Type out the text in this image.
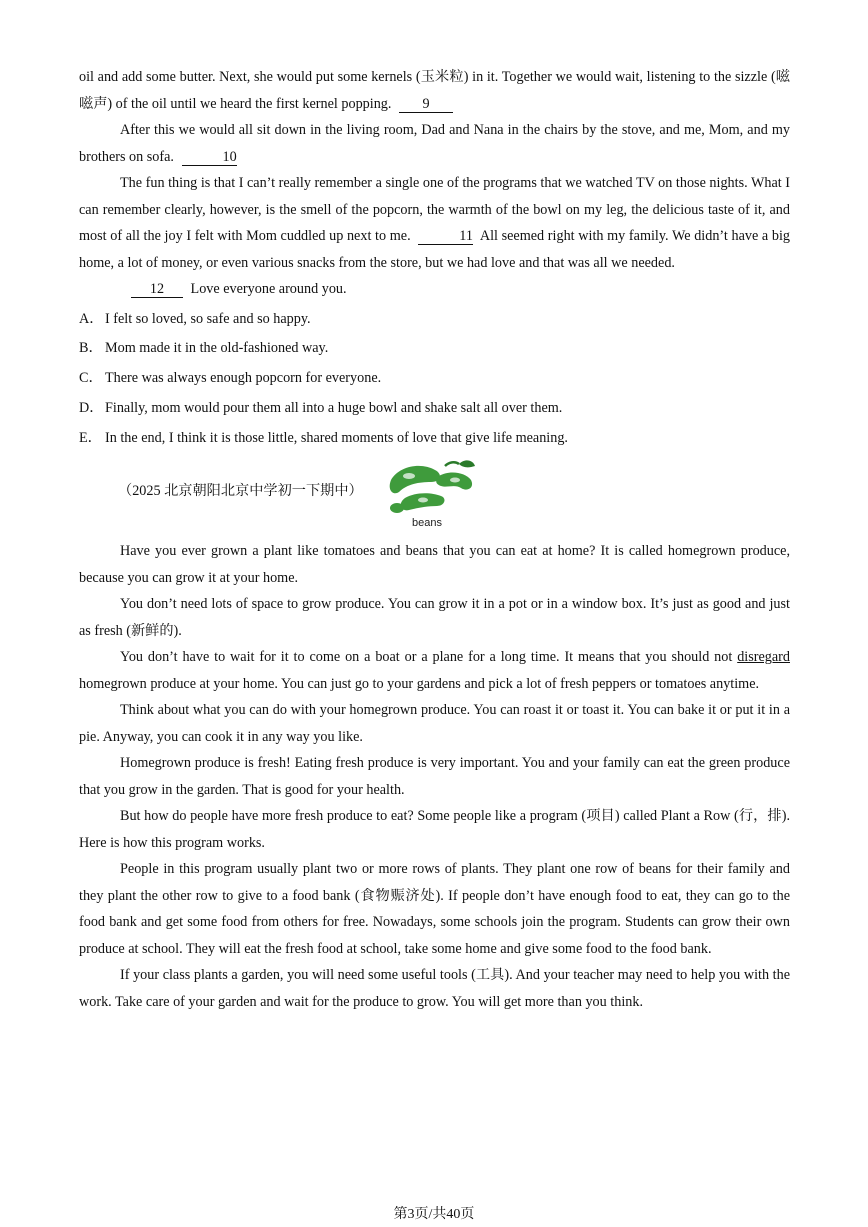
oil and add some butter. Next, she would put some kernels (玉米粒) in it. Together we would wait, listening to the sizzle (嗞嗞声) of the oil until we heard the first kernel popping. 9

After this we would all sit down in the living room, Dad and Nana in the chairs by the stove, and me, Mom, and my brothers on sofa.	10

The fun thing is that I can’t really remember a single one of the programs that we watched TV on those nights. What I can remember clearly, however, is the smell of the popcorn, the warmth of the bowl on my leg, the delicious taste of it, and most of all the joy I felt with Mom cuddled up next to me.	11 All seemed right with my family. We didn’t have a big home, a lot of money, or even various snacks from the store, but we had love and that was all we needed.

12 Love everyone around you.

A． I felt so loved, so safe and so happy.

B． Mom made it in the old-fashioned way.

C． There was always enough popcorn for everyone.

D． Finally, mom would pour them all into a huge bowl and shake salt all over them.

E． In the end, I think it is those little, shared moments of love that give life meaning.

（2025 北京朝阳北京中学初一下期中）
beans

Have you ever grown a plant like tomatoes and beans that you can eat at home? It is called homegrown produce, because you can grow it at your home.

You don’t need lots of space to grow produce. You can grow it in a pot or in a window box. It’s just as good and just as fresh (新鲜的).

You don’t have to wait for it to come on a boat or a plane for a long time. It means that you should not disregard homegrown produce at your home. You can just go to your gardens and pick a lot of fresh peppers or tomatoes anytime.

Think about what you can do with your homegrown produce. You can roast it or toast it. You can bake it or put it in a pie. Anyway, you can cook it in any way you like.

Homegrown produce is fresh! Eating fresh produce is very important. You and your family can eat the green produce that you grow in the garden. That is good for your health.

But how do people have more fresh produce to eat? Some people like a program (项目) called Plant a Row (行，排). Here is how this program works.

People in this program usually plant two or more rows of plants. They plant one row of beans for their family and they plant the other row to give to a food bank (食物赈济处). If people don’t have enough food to eat, they can go to the food bank and get some food from others for free. Nowadays, some schools join the program. Students can grow their own produce at school. They will eat the fresh food at school, take some home and give some food to the food bank.

If your class plants a garden, you will need some useful tools (工具). And your teacher may need to help you with the work. Take care of your garden and wait for the produce to grow. You will get more than you think.

第3页/共40页
